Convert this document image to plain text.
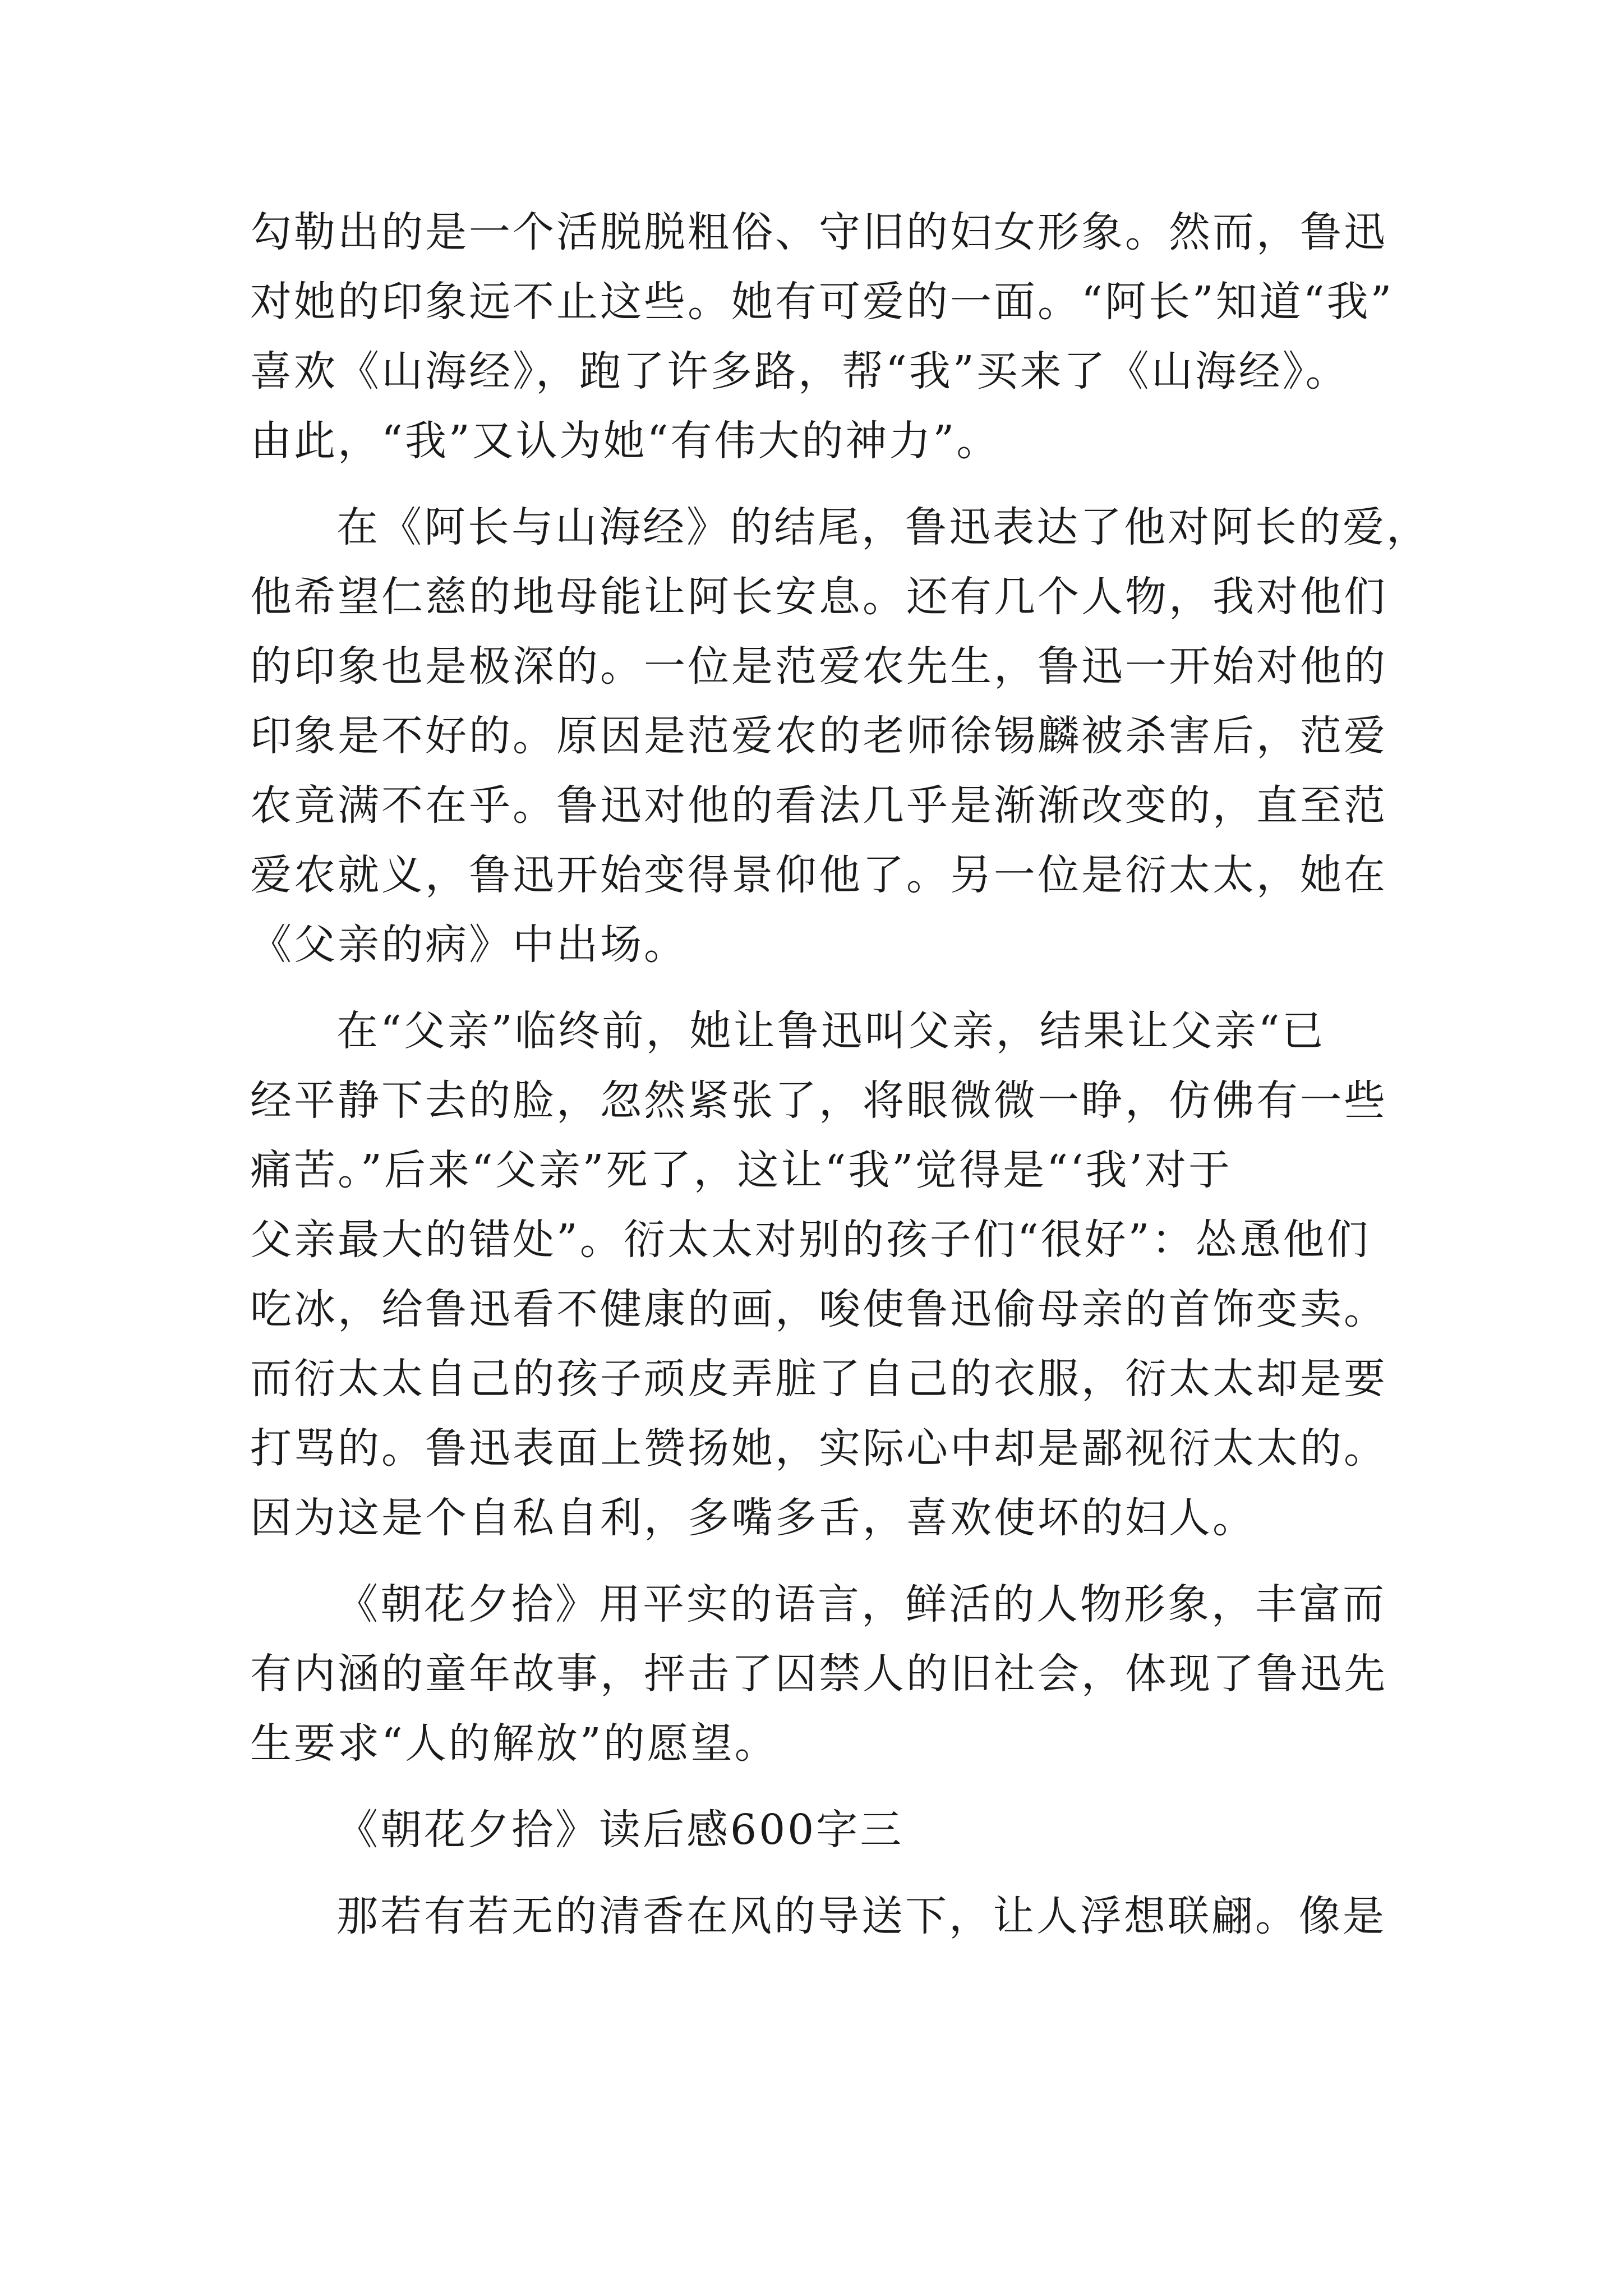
勾勒出的是一个活脱脱粗俗、守旧的妇女形象。然而，鲁迅
对她的印象远不止这些。她有可爱的一面。“阿长”知道“我”
喜欢《山海经》，跑了许多路，帮“我”买来了《山海经》。
由此，“我”又认为她“有伟大的神力”。
在《阿长与山海经》的结尾，鲁迅表达了他对阿长的爱，
他希望仁慈的地母能让阿长安息。还有几个人物，我对他们
的印象也是极深的。一位是范爱农先生，鲁迅一开始对他的
印象是不好的。原因是范爱农的老师徐锡麟被杀害后，范爱
农竟满不在乎。鲁迅对他的看法几乎是渐渐改变的，直至范
爱农就义，鲁迅开始变得景仰他了。另一位是衍太太，她在
《父亲的病》中出场。
在“父亲”临终前，她让鲁迅叫父亲，结果让父亲“已
经平静下去的脸，忽然紧张了，将眼微微一睁，仿佛有一些
痛苦。”后来“父亲”死了，这让“我”觉得是“‘我’对于
父亲最大的错处”。衍太太对别的孩子们“很好”：怂恿他们
吃冰，给鲁迅看不健康的画，唆使鲁迅偷母亲的首饰变卖。
而衍太太自己的孩子顽皮弄脏了自己的衣服，衍太太却是要
打骂的。鲁迅表面上赞扬她，实际心中却是鄙视衍太太的。
因为这是个自私自利，多嘴多舌，喜欢使坏的妇人。
《朝花夕拾》用平实的语言，鲜活的人物形象，丰富而
有内涵的童年故事，抨击了囚禁人的旧社会，体现了鲁迅先
生要求“人的解放”的愿望。
《朝花夕拾》读后感600字三
那若有若无的清香在风的导送下，让人浮想联翩。像是
